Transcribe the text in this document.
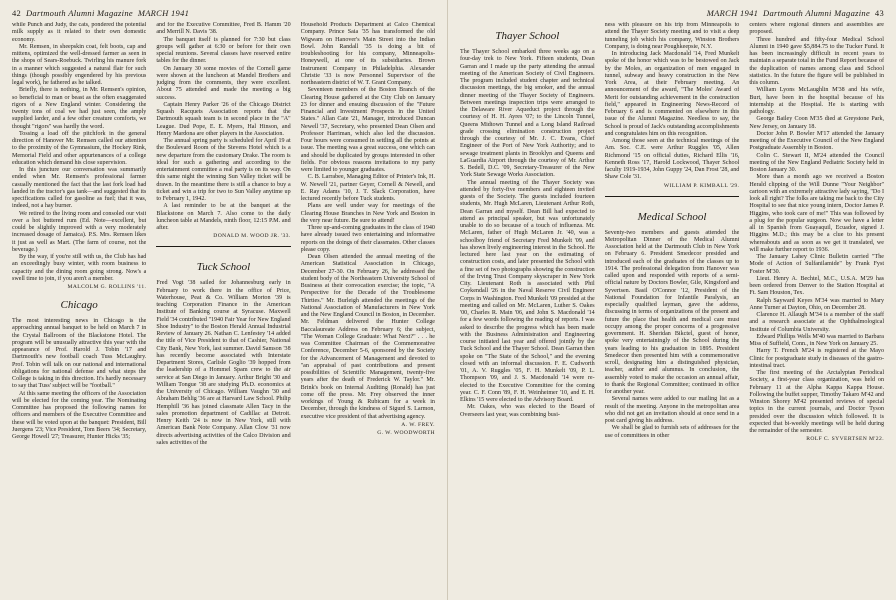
42 Dartmouth Alumni Magazine MARCH 1941

while Punch and Judy, the cats, pondered the potential milk supply as it related to their own domestic economy.

Mr. Remsen, in sheepskin coat, felt boots, cap and mittens, optimized the well-dressed farmer as seen in the shops of Sears-Roebuck. Twirling his manure fork in a manner which suggested a natural flair for such things (though possibly engendered by his previous legal work), he fathered as he talked.

Briefly, there is nothing, in Mr. Remsen's opinion, so beneficial to man or beast as the often exaggerated rigors of a New England winter. Considering the twenty tons of coal we had just seen, the amply supplied larder, and a few other creature comforts, we thought "rigors" was hardly the word.

Tossing a load off the pitchfork in the general direction of Hanover Mr. Remsen called our attention to the proximity of the Gymnasium, the Hockey Rink, Memorial Field and other appurtenances of a college education which demand his close supervision.

In this juncture our conversation was summarily ended when Mr. Remsen's professional farmer casually mentioned the fact that the last fork load had landed in the tractor's gas tank—and suggested that its specifications called for gasoline as fuel; that it was, indeed, not a hay burner.

We retired to the living room and consoled our visit over a hot buttered rum (Ed. Note—excellent, but could be slightly improved with a very moderately increased dosage of Jamaica). P.S. Mrs. Remsen likes it just as well as Mart. (The farm of course, not the beverage.)

By the way, if you're still with us, the Club has had an exceedingly busy winter, with room business to capacity and the dining room going strong. Now's a swell time to join, if you aren't a member.

MALCOLM G. ROLLINS '11.
Chicago

The most interesting news in Chicago is the approaching annual banquet to be held on March 7 in the Crystal Ballroom of the Blackstone Hotel. The program will be unusually attractive this year with the appearance of Prof. Harold J. Tobin '17 and Dartmouth's new football coach Tuss McLaughry. Prof. Tobin will talk on our national and international obligations for national defense and what steps the College is taking in this direction. It's hardly necessary to say that Tuss' subject will be "football."

At this same meeting the officers of the Association will be elected for the coming year. The Nominating Committee has proposed the following names for officers and members of the Executive Committee and these will be voted upon at the banquet: President, Bill Juergens '23; Vice President, Tom Beers '34; Secretary, George Howell '27; Treasurer, Hunter Hicks '35;

and for the Executive Committee, Fred B. Hamm '20 and Merrill N. Davis '38.

The banquet itself is planned for 7:30 but class groups will gather at 6:30 or before for their own special reunions. Several classes have reserved entire tables for the dinner.

On January 30 some movies of the Cornell game were shown at the luncheon at Mandel Brothers and judging from the comments, they were excellent. About 75 attended and made the meeting a big success.

Captain Henry Parker '26 of the Chicago District Squash Racquets Association reports that the Dartmouth squash team is in second place in the "A" League. Dud Pope, E. E. Myers, Hal Hinson, and Henry Mardona are other players in the Association.

The annual spring party is scheduled for April 19 at the Boulevard Room of the Stevens Hotel which is a new departure from the customary Drake. The room is ideal for such a gathering and according to the entertainment committee a real party is on its way. On this same night the winning Sun Valley ticket will be drawn. In the meantime there is still a chance to buy a ticket and win a trip for two to Sun Valley anytime up to February 1, 1942.

A last reminder to be at the banquet at the Blackstone on March 7. Also come to the daily luncheon table at Mandels, ninth floor, 12:15 P.M. and after.

DONALD M. WOOD JR. '33.
Tuck School

Fred Vogt '38 sailed for Johannesburg early in February to work there in the office of Price, Waterhouse, Peat & Co. William Morton '39 is teaching Corporation Finance in the American Institute of Banking course at Syracuse. Maxwell Field '34 contributed "1940 Fair Year for New England Shoe Industry" to the Boston Herald Annual Industrial Review of January 26. Nathan C. Lenfestey '14 added the title of Vice President to that of Cashier, National City Bank, New York, last summer. David Samson '38 has recently become associated with Interstate Department Stores, Carlisle Goglio '39 hopped from the leadership of a Hommel Spam crew to the air service at San Diego in January. Arthur Bright '30 and William Tongue '38 are studying Ph.D. economics at the University of Chicago. William Vaughn '30 and Abraham Behlig '36 are at Harvard Law School. Philip Hemphill '36 has joined classmate Allen Tacy in the sales promotion department of Cadillac at Detroit. Henry Keith '24 is now in New York, still with American Bank Note Company. Allan Clow '31 now directs advertising activities of the Calco Division and sales activities of the

Household Products Department at Calco Chemical Company. Prince Saia '35 has transformed the old Wigwam on Hanover's Main Street into the Indian Bowl. John Randall '35 is doing a bit of troubleshooting for his company, Minneapolis-Honeywell, at one of its subsidiaries. Brown Instrument Company in Philadelphia. Alexander Christie '33 is now Personnel Supervisor of the northeastern district of W. T. Grant Company.

Seventeen members of the Boston Branch of the Clearing House gathered at the City Club on January 23 for dinner and ensuing discussion of the "Future Financial and Investment Prospects in the United States." Allan Cate '21, Manager, introduced Duncan Newell '37, Secretary, who presented Dean Olsen and Professor Harriman, which also led the discussion. Four hours were consumed in settling all the points at issue. The meeting was a great success, one which can and should be duplicated by groups interested in other fields. For obvious reasons invitations to my party were limited to younger graduates.

C. B. Larrabee, Managing Editor of Printer's Ink, H. W. Newell '21, partner Geyer, Cornell & Newell, and E. Ray Adams '10, J. T. Slack Corporation, have lectured recently before Tuck students.

Plans are well under way for meetings of the Clearing House Branches in New York and Boston in the very near future. Be sure to attend!

Three up-and-coming graduates in the class of 1940 have already issued two entertaining and informative reports on the doings of their classmates. Other classes please copy.

Dean Olsen attended the annual meeting of the American Statistical Association in Chicago, December 27-30. On February 26, he addressed the student body of the Northeastern University School of Business at their convocation exercise; the topic, "A Perspective for the Decade of the Troublesome Thirties." Mr. Burleigh attended the meetings of the National Association of Manufacturers in New York and the New England Council in Boston, in December. Mr. Feldman delivered the Hunter College Baccalaureate Address on February 6; the subject, "The Woman College Graduate: What Next?" . . . he was Committee Chairman of the Commemorative Conference, December 5-6, sponsored by the Society for the Advancement of Management and devoted to "an appraisal of past contributions and present possibilities of Scientific Management, twenty-five years after the death of Frederick W. Taylor." Mr. Brink's book on Internal Auditing (Ronald) has just come off the press. Mr. Frey observed the inner workings of Young & Rubicam for a week in December, through the kindness of Sigurd S. Larmon, executive vice president of that advertising agency.

A. W. FREY.
G. W. WOODWORTH
MARCH 1941 Dartmouth Alumni Magazine 43
Thayer School

The Thayer School embarked three weeks ago on a four-day trek to New York. Fifteen students, Dean Garran and I made up the party attending the annual meeting of the American Society of Civil Engineers. The program included student chapter and technical discussion meetings, the big smoker, and the annual dinner meeting of the Thayer Society of Engineers. Between meetings inspection trips were arranged to the Delaware River Aqueduct project through the courtesy of H. H. Ayres '07; to the Lincoln Tunnel, Queens Midtown Tunnel and a Long Island Railroad grade crossing elimination construction project through the courtesy of Mr. J. C. Evans, Chief Engineer of the Port of New York Authority; and to sewage treatment plants in Brooklyn and Queens and LaGuardia Airport through the courtesy of Mr. Arthur S. Bedell, D.C. '09, Secretary-Treasurer of the New York State Sewage Works Association.

The annual meeting of the Thayer Society was attended by forty-five members and eighteen invited guests of the Society. The guests included fourteen students, Mr. Hugh McLaren, Lieutenant Arthur Roth, Dean Garran and myself. Dean Bill had expected to attend as principal speaker, but was unfortunately unable to do so because of a touch of influenza. Mr. McLaren, father of Hugh McLaren Jr. '40, was a schoolboy friend of Secretary Fred Munkelt '09, and has shown lively engineering interest in the School. He lectured here last year on the estimating of construction costs, and later presented the School with a fine set of two photographs showing the construction of the Irving Trust Company skyscraper in New York City. Lieutenant Roth is associated with Phil Coykendall '26 in the Naval Reserve Civil Engineer Corps in Washington. Fred Munkelt '09 presided at the meeting and called on Mr. McLaren, Luther S. Oakes '00, Charles R. Main '06, and John S. Macdonald '14 for a few words following the reading of reports. I was asked to describe the progress which has been made with the Business Administration and Engineering course initiated last year and offered jointly by the Tuck School and the Thayer School. Dean Garran then spoke on "The State of the School," and the evening closed with an informal discussion. F. E. Cudworth '01, A. V. Ruggles '05, F. H. Munkelt '09, P. L. Thompson '09, and J. S. Macdonald '14 were re-elected to the Executive Committee for the coming year. C. F. Conn '89, F. H. Weinheimer '10, and E. H. Elkins '15 were elected to the Advisory Board.

Mr. Oakes, who was elected to the Board of Overseers last year, was combining busi-

ness with pleasure on his trip from Minneapolis to attend the Thayer Society meeting and to visit a deep tunneling job which his company, Winston Brothers Company, is doing near Poughkeepsie, N.Y.

In introducing Jack Macdonald '14, Fred Munkelt spoke of the honor which was to be bestowed on Jack by the Moles, an organization of men engaged in tunnel, subway and heavy construction in the New York Area, at their February meeting. An announcement of the award, "The Moles' Award of Merit for outstanding achievement in the construction field," appeared in Engineering News-Record of February 6 and is commented on elsewhere in this issue of the Alumni Magazine. Needless to say, the School is proud of Jack's outstanding accomplishments and congratulates him on this recognition.

Among those seen at the technical meetings of the Am. Soc. C.E. were Arthur Ruggles '05, Allen Richmond '15 on official duties, Richard Ellis '16, Kenneth Ross '17, Harold Lockwood, Thayer School faculty 1919-1934, John Guppy '24, Dan Frost '28, and Shaw Cole '31.

WILLIAM P. KIMBALL '29.
Medical School

Seventy-two members and guests attended the Metropolitan Dinner of the Medical Alumni Association held at the Dartmouth Club in New York on February 6. President Smedecor presided and introduced each of the graduates of the classes up to 1914. The professional delegation from Hanover was called upon and responded with reports of a semi-official nature by Doctors Bowler, Gile, Kingsford and Syvertsen. Basil O'Connor '12, President of the National Foundation for Infantile Paralysis, an especially qualified layman, gave the address, discussing in terms of organizations of the present and future the place that health and medical care must occupy among the proper concerns of a progressive government. H. Sheridan Bikctel, guest of honor, spoke very entertainingly of the School during the years leading to his graduation in 1895. President Smedecor then presented him with a commemorative scroll, designating him a distinguished physician, teacher, author and alumnus. In conclusion, the assembly voted to make the occasion an annual affair, to thank the Regional Committee; continued in office for another year.

Several names were added to our mailing list as a result of the meeting. Anyone in the metropolitan area who did not get an invitation should at once send in a post card giving his address.

We shall be glad to furnish sets of addresses for the use of committees in other

centers where regional dinners and assemblies are proposed.

Three hundred and fifty-four Medical School Alumni in 1940 gave $5,884.75 to the Tucker Fund. It has been increasingly difficult in recent years to maintain a separate total in the Fund Report because of the duplication of names among class and School statistics. In the future the figure will be published in this column.

William Lyons McLaughlin M'38 and his wife, Burt, have been in the hospital because of his internship at the Hospital. He is starting with pathology.

George Bailey Coon M'35 died at Greystone Park, New Jersey, on January 18.

Doctor John P. Bowler M'17 attended the January meeting of the Executive Council of the New England Postgraduate Assembly in Boston.

Colin C. Stewart II, M'24 attended the Council meeting of the New England Pediatric Society held in Boston January 30.

More than a month ago we received a Boston Herald clipping of the Will Dunne "Your Neighbor" cartoon with an extremely attractive lady saying, "Do I look all right? The folks are taking me back to the City Hospital to see that nice young intern, Doctor James P. Higgins, who took care of me!" This was followed by a plug for the popular surgeon. Now we have a letter all in Spanish from Guayaquil, Ecuador, signed J. Higgins M.D.; this may be a clue to his present whereabouts and as soon as we get it translated, we will make further report to 1936.

The January Lahey Clinic Bulletin carried "The Mode of Action of Sulfanilamide" by Frank Fyst Foster M'30.

Lieut. Henry A. Bechtel, M.C., U.S.A. M'29 has been ordered from Denver to the Station Hospital at Ft. Sam Houston, Tex.

Ralph Sayward Keyes M'34 was married to Mary Anne Turner at Dayton, Ohio, on December 28.

Clarence H. Allaugh M'34 is a member of the staff and a research associate at the Ophthalmological Institute of Columbia University.

Edward Phillips Wells M'40 was married to Barbara Miss of Suffield, Conn., in New York on January 25.

Harry T. French M'24 is registered at the Mayo Clinic for postgraduate study in diseases of the gastro-intestinal tract.

The first meeting of the Arctalypian Periodical Society, a first-year class organization, was held on February 11 at the Alpha Kappa Kappa House. Following the buffet supper, Timothy Takaro M'42 and Winston Shorey M'42 presented reviews of special topics in the current journals, and Doctor Tyson presided over the discussion which followed. It is expected that bi-weekly meetings will be held during the remainder of the semester.

ROLF C. SYVERTSEN M'22.
